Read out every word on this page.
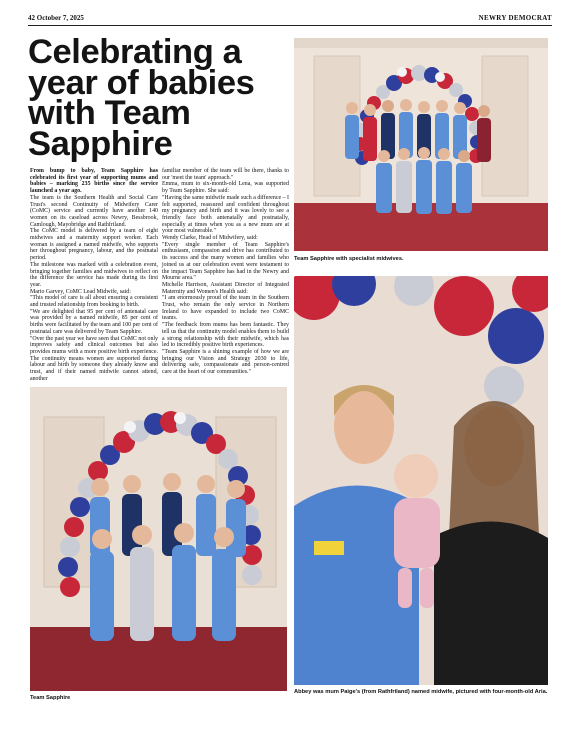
42 October 7, 2025	NEWRY DEMOCRAT
Celebrating a
year of babies
with Team
Sapphire

From bump to baby, Team Sapphire has celebrated its first year of supporting mums and babies – marking 235 births since the service launched a year ago.

The team is the Southern Health and Social Care Trust's second Continuity of Midwifery Carer (CoMC) service and currently have another 140 women on its caseload across Newry, Bessbrook, Camlough, Mayobridge and Rathfriland.

The CoMC model is delivered by a team of eight midwives and a maternity support worker. Each woman is assigned a named midwife, who supports her throughout pregnancy, labour, and the postnatal period.

The milestone was marked with a celebration event, bringing together families and midwives to reflect on the difference the service has made during its first year.

Mario Garvey, CoMC Lead Midwife, said:

"This model of care is all about ensuring a consistent and trusted relationship from booking to birth.

"We are delighted that 95 per cent of antenatal care was provided by a named midwife, 85 per cent of births were facilitated by the team and 100 per cent of postnatal care was delivered by Team Sapphire.

"Over the past year we have seen that CoMC not only improves safety and clinical outcomes but also provides mums with a more positive birth experience. The continuity means women are supported during labour and birth by someone they already know and trust, and if their named midwife cannot attend, another

familiar member of the team will be there, thanks to our 'meet the team' approach."

Emma, mum to six-month-old Lena, was supported by Team Sapphire. She said:

"Having the same midwife made such a difference – I felt supported, reassured and confident throughout my pregnancy and birth and it was lovely to see a friendly face both antenatally and postnatally, especially at times when you as a new mum are at your most vulnerable."

Wendy Clarke, Head of Midwifery, said:

"Every single member of Team Sapphire's enthusiasm, compassion and drive has contributed to its success and the many women and families who joined us at our celebration event were testament to the impact Team Sapphire has had in the Newry and Mourne area."

Michelle Harrison, Assistant Director of Integrated Maternity and Women's Health said:

"I am enormously proud of the team in the Southern Trust, who remain the only service in Northern Ireland to have expanded to include two CoMC teams.

"The feedback from mums has been fantastic. They tell us that the continuity model enables them to build a strong relationship with their midwife, which has led to incredibly positive birth experiences.

"Team Sapphire is a shining example of how we are bringing our Vision and Strategy 2030 to life, delivering safe, compassionate and person-centred care at the heart of our communities."

Team Sapphire with specialist midwives.
Team Sapphire
Abbey was mum Paige's (from Rathfriland) named midwife, pictured with four-month-old Aria.
